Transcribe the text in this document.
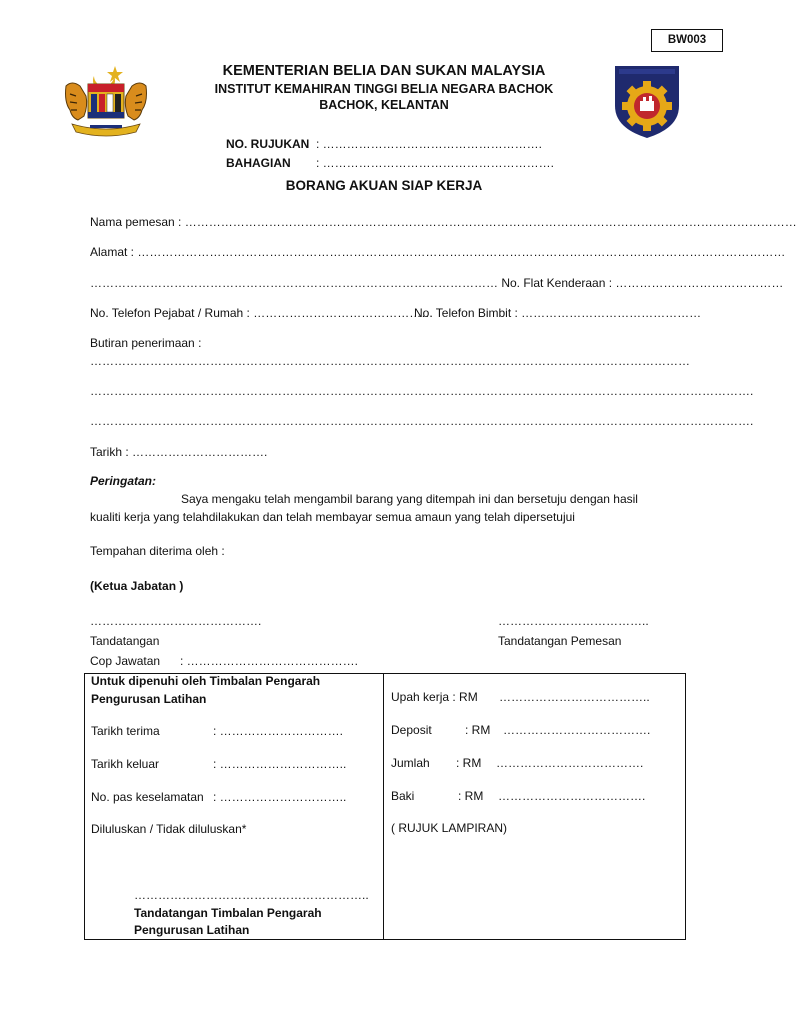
BW003
KEMENTERIAN BELIA DAN SUKAN MALAYSIA
INSTITUT KEMAHIRAN TINGGI BELIA NEGARA BACHOK
BACHOK, KELANTAN
NO. RUJUKAN : ……………………………………………….
BAHAGIAN : ………………………………………………….
BORANG AKUAN SIAP KERJA
Nama pemesan : ………………………………………………………………………………………………………………………………………
Alamat : ………………………………………………………………………………………………………………………………………………
………………………………………………………………………………………… No. Flat Kenderaan : ……………………………………
No. Telefon Pejabat / Rumah : ………………………………………
No. Telefon Bimbit : ………………………………………
Butiran penerimaan :
……………………………………………………………………………………………………………………………………
………………………………………………………………………………………………………………………………………………….
………………………………………………………………………………………………………………………………………………….
Tarikh : …………………………….
Peringatan:
Saya mengaku telah mengambil barang yang ditempah ini dan bersetuju dengan hasil
kualiti kerja yang telahdilakukan dan telah membayar semua amaun yang telah dipersetujui
Tempahan diterima oleh :
(Ketua Jabatan )
…………………………………….	………………………………..
Tandatangan	Tandatangan Pemesan
Cop Jawatan : …………………………………….
Untuk dipenuhi oleh Timbalan Pengarah
Pengurusan Latihan
Tarikh terima	: ………………………….
Tarikh keluar	: …………………………..
No. pas keselamatan : …………………………..
Diluluskan / Tidak diluluskan*
…………………………………………………..
Tandatangan Timbalan Pengarah
Pengurusan Latihan
Upah kerja : RM ………………………………..
Deposit	: RM ……………………………….
Jumlah : RM ……………………………….
Baki	: RM ……………………………….
( RUJUK LAMPIRAN)
